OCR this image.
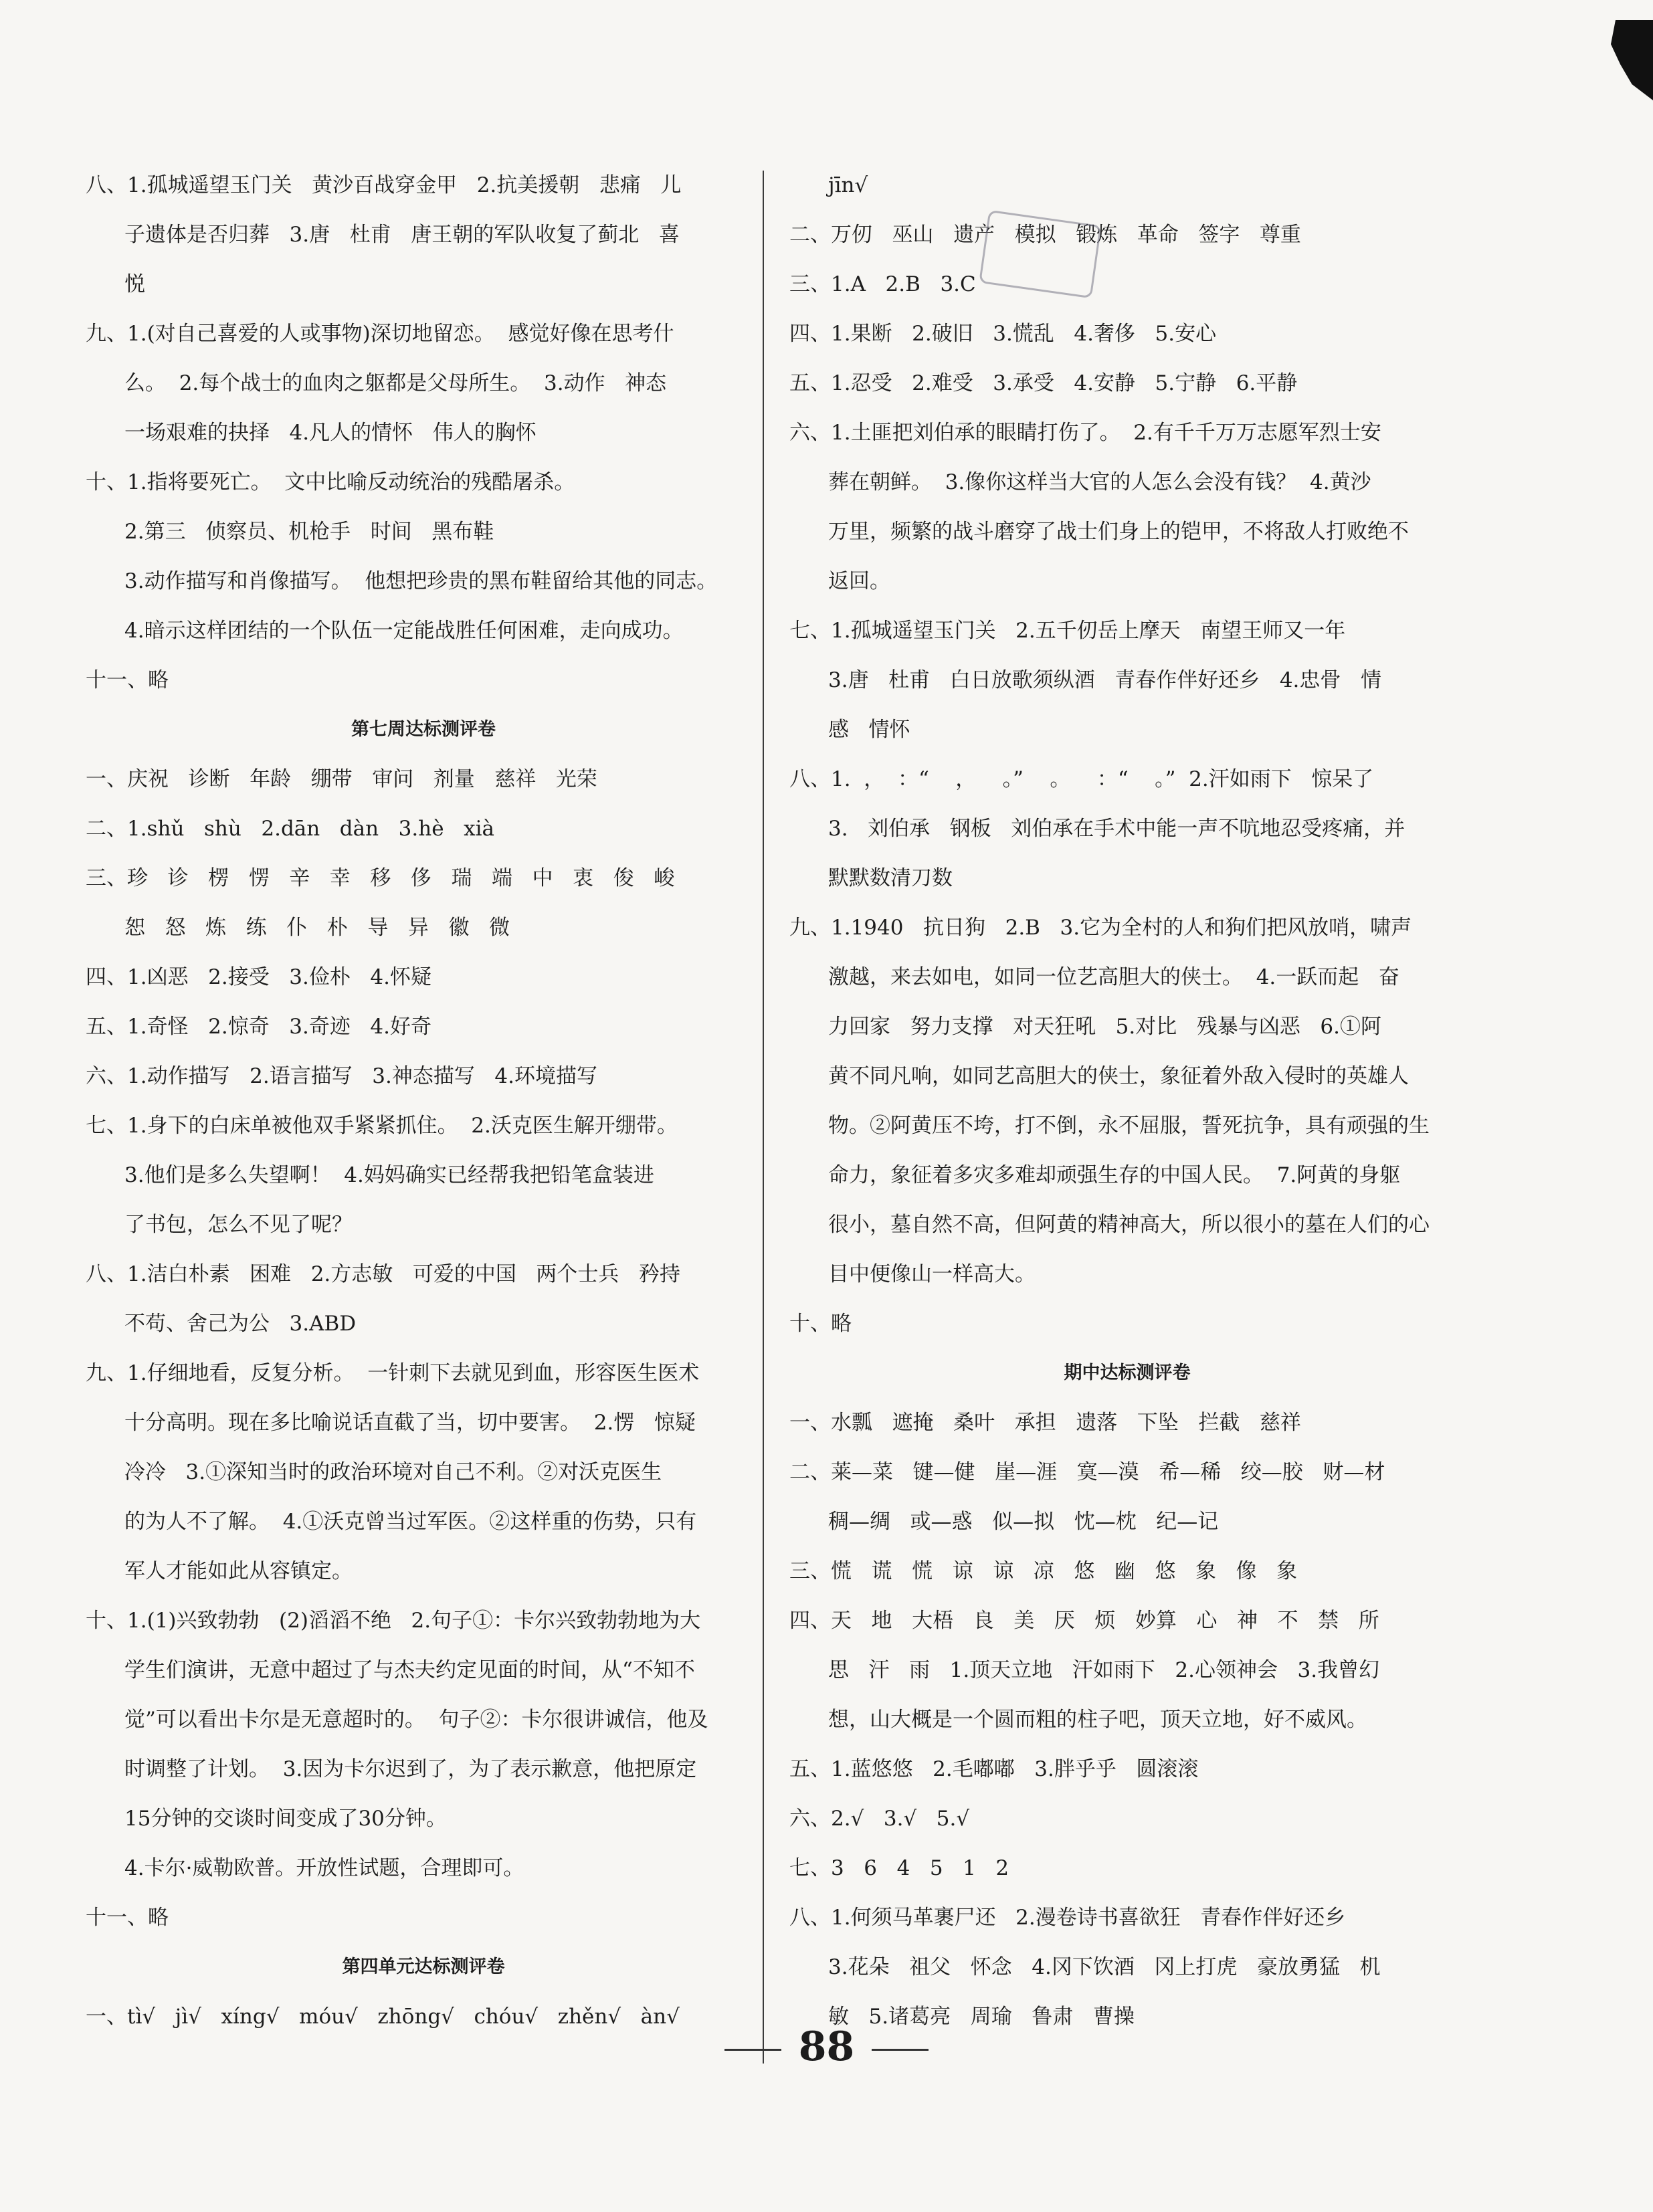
八、1.孤城遥望玉门关   黄沙百战穿金甲   2.抗美援朝   悲痛   儿
子遗体是否归葬   3.唐   杜甫   唐王朝的军队收复了蓟北   喜
悦
九、1.(对自己喜爱的人或事物)深切地留恋。  感觉好像在思考什
么。  2.每个战士的血肉之躯都是父母所生。  3.动作   神态
一场艰难的抉择   4.凡人的情怀   伟人的胸怀
十、1.指将要死亡。  文中比喻反动统治的残酷屠杀。
2.第三   侦察员、机枪手   时间   黑布鞋
3.动作描写和肖像描写。  他想把珍贵的黑布鞋留给其他的同志。
4.暗示这样团结的一个队伍一定能战胜任何困难，走向成功。
十一、略
第七周达标测评卷
一、庆祝   诊断   年龄   绷带   审问   剂量   慈祥   光荣
二、1.shǔ   shù   2.dān   dàn   3.hè   xià
三、珍   诊   楞   愣   辛   幸   移   侈   瑞   端   中   衷   俊   峻
恕   怒   炼   练   仆   朴   导   异   徽   微
四、1.凶恶   2.接受   3.俭朴   4.怀疑
五、1.奇怪   2.惊奇   3.奇迹   4.好奇
六、1.动作描写   2.语言描写   3.神态描写   4.环境描写
七、1.身下的白床单被他双手紧紧抓住。  2.沃克医生解开绷带。
3.他们是多么失望啊！  4.妈妈确实已经帮我把铅笔盒装进
了书包，怎么不见了呢？
八、1.洁白朴素   困难   2.方志敏   可爱的中国   两个士兵   矜持
不苟、舍己为公   3.ABD
九、1.仔细地看，反复分析。  一针刺下去就见到血，形容医生医术
十分高明。现在多比喻说话直截了当，切中要害。  2.愣   惊疑
冷冷   3.①深知当时的政治环境对自己不利。②对沃克医生
的为人不了解。  4.①沃克曾当过军医。②这样重的伤势，只有
军人才能如此从容镇定。
十、1.(1)兴致勃勃   (2)滔滔不绝   2.句子①：卡尔兴致勃勃地为大
学生们演讲，无意中超过了与杰夫约定见面的时间，从“不知不
觉”可以看出卡尔是无意超时的。  句子②：卡尔很讲诚信，他及
时调整了计划。  3.因为卡尔迟到了，为了表示歉意，他把原定
15分钟的交谈时间变成了30分钟。
4.卡尔·威勒欧普。开放性试题，合理即可。
十一、略
第四单元达标测评卷
一、tì√   jì√   xíng√   móu√   zhōng√   chóu√   zhěn√   àn√
jīn√
二、万仞   巫山   遗产   模拟   锻炼   革命   签字   尊重
三、1.A   2.B   3.C
四、1.果断   2.破旧   3.慌乱   4.奢侈   5.安心
五、1.忍受   2.难受   3.承受   4.安静   5.宁静   6.平静
六、1.土匪把刘伯承的眼睛打伤了。  2.有千千万万志愿军烈士安
葬在朝鲜。  3.像你这样当大官的人怎么会没有钱？  4.黄沙
万里，频繁的战斗磨穿了战士们身上的铠甲，不将敌人打败绝不
返回。
七、1.孤城遥望玉门关   2.五千仞岳上摩天   南望王师又一年
3.唐   杜甫   白日放歌须纵酒   青春作伴好还乡   4.忠骨   情
感   情怀
八、1.  ，  ：“    ，    。”    。    ：“    。”  2.汗如雨下   惊呆了
3.   刘伯承   钢板   刘伯承在手术中能一声不吭地忍受疼痛，并
默默数清刀数
九、1.1940   抗日狗   2.B   3.它为全村的人和狗们把风放哨，啸声
激越，来去如电，如同一位艺高胆大的侠士。  4.一跃而起   奋
力回家   努力支撑   对天狂吼   5.对比   残暴与凶恶   6.①阿
黄不同凡响，如同艺高胆大的侠士，象征着外敌入侵时的英雄人
物。②阿黄压不垮，打不倒，永不屈服，誓死抗争，具有顽强的生
命力，象征着多灾多难却顽强生存的中国人民。  7.阿黄的身躯
很小，墓自然不高，但阿黄的精神高大，所以很小的墓在人们的心
目中便像山一样高大。
十、略
期中达标测评卷
一、水瓢   遮掩   桑叶   承担   遗落   下坠   拦截   慈祥
二、莱—菜   键—健   崖—涯   寞—漠   希—稀   绞—胶   财—材
稠—绸   或—惑   似—拟   忱—枕   纪—记
三、慌   谎   慌   谅   谅   凉   悠   幽   悠   象   像   象
四、天   地   大梧   良   美   厌   烦   妙算   心   神   不   禁   所
思   汗   雨   1.顶天立地   汗如雨下   2.心领神会   3.我曾幻
想，山大概是一个圆而粗的柱子吧，顶天立地，好不威风。
五、1.蓝悠悠   2.毛嘟嘟   3.胖乎乎   圆滚滚
六、2.√   3.√   5.√
七、3   6   4   5   1   2
八、1.何须马革裹尸还   2.漫卷诗书喜欲狂   青春作伴好还乡
3.花朵   祖父   怀念   4.冈下饮酒   冈上打虎   豪放勇猛   机
敏   5.诸葛亮   周瑜   鲁肃   曹操
88
